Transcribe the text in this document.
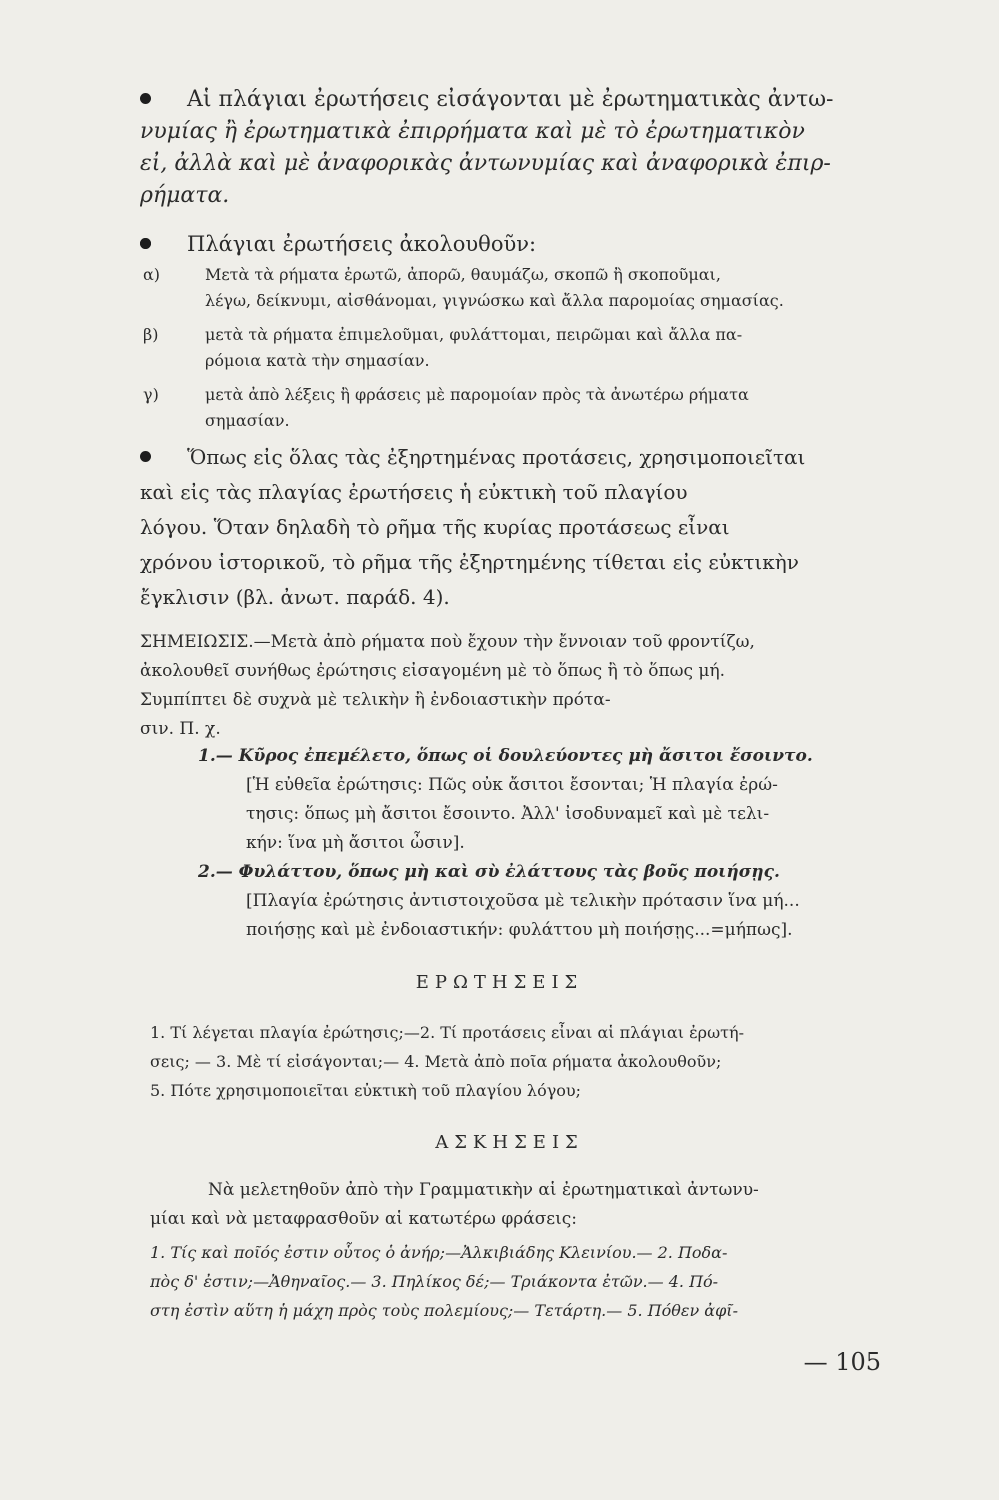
Αἱ πλάγιαι ἐρωτήσεις εἰσάγονται μὲ ἐρωτηματικὰς ἀντω-
νυμίας ἢ ἐρωτηματικὰ ἐπιρρήματα καὶ μὲ τὸ ἐρωτηματικὸν
εἰ, ἀλλὰ καὶ μὲ ἀναφορικὰς ἀντωνυμίας καὶ ἀναφορικὰ ἐπιρ-
ρήματα.
Πλάγιαι ἐρωτήσεις ἀκολουθοῦν:
α)	Μετὰ τὰ ρήματα ἐρωτῶ, ἀπορῶ, θαυμάζω, σκοπῶ ἢ σκοποῦμαι,
λέγω, δείκνυμι, αἰσθάνομαι, γιγνώσκω καὶ ἄλλα παρομοίας σημασίας.
β)	μετὰ τὰ ρήματα ἐπιμελοῦμαι, φυλάττομαι, πειρῶμαι καὶ ἄλλα πα-
ρόμοια κατὰ τὴν σημασίαν.
γ)	μετὰ ἀπὸ λέξεις ἢ φράσεις μὲ παρομοίαν πρὸς τὰ ἀνωτέρω ρήματα
σημασίαν.
Ὅπως εἰς ὅλας τὰς ἐξηρτημένας προτάσεις, χρησιμοποιεῖται
καὶ εἰς τὰς πλαγίας ἐρωτήσεις ἡ εὐκτικὴ τοῦ πλαγίου
λόγου. Ὅταν δηλαδὴ τὸ ρῆμα τῆς κυρίας προτάσεως εἶναι
χρόνου ἱστορικοῦ, τὸ ρῆμα τῆς ἐξηρτημένης τίθεται εἰς εὐκτικὴν
ἔγκλισιν (βλ. ἀνωτ. παράδ. 4).
ΣΗΜΕΙΩΣΙΣ.—Μετὰ ἀπὸ ρήματα ποὺ ἔχουν τὴν ἔννοιαν τοῦ φροντίζω,
ἀκολουθεῖ συνήθως ἐρώτησις εἰσαγομένη μὲ τὸ ὅπως ἢ τὸ ὅπως μή.
Συμπίπτει δὲ συχνὰ μὲ τελικὴν ἢ ἐνδοιαστικὴν πρότα-
σιν. Π. χ.
1.— Κῦρος ἐπεμέλετο, ὅπως οἱ δουλεύοντες μὴ ἄσιτοι ἔσοιντο.
[Ἡ εὐθεῖα ἐρώτησις: Πῶς οὐκ ἄσιτοι ἔσονται; Ἡ πλαγία ἐρώ-
τησις: ὅπως μὴ ἄσιτοι ἔσοιντο. Ἀλλ' ἰσοδυναμεῖ καὶ μὲ τελι-
κήν: ἵνα μὴ ἄσιτοι ὦσιν].
2.— Φυλάττου, ὅπως μὴ καὶ σὺ ἐλάττους τὰς βοῦς ποιήσῃς.
[Πλαγία ἐρώτησις ἀντιστοιχοῦσα μὲ τελικὴν πρότασιν ἵνα μή...
ποιήσῃς καὶ μὲ ἐνδοιαστικήν: φυλάττου μὴ ποιήσῃς...=μήπως].
ΕΡΩΤΗΣΕΙΣ
1. Τί λέγεται πλαγία ἐρώτησις;—2. Τί προτάσεις εἶναι αἱ πλάγιαι ἐρωτή-
σεις; — 3. Μὲ τί εἰσάγονται;— 4. Μετὰ ἀπὸ ποῖα ρήματα ἀκολουθοῦν;
5. Πότε χρησιμοποιεῖται εὐκτικὴ τοῦ πλαγίου λόγου;
ΑΣΚΗΣΕΙΣ
Νὰ μελετηθοῦν ἀπὸ τὴν Γραμματικὴν αἱ ἐρωτηματικαὶ ἀντωνυ-
μίαι καὶ νὰ μεταφρασθοῦν αἱ κατωτέρω φράσεις:
1. Τίς καὶ ποῖός ἐστιν οὗτος ὁ ἀνήρ;—Ἀλκιβιάδης Κλεινίου.— 2. Ποδα-
πὸς δ' ἐστιν;—Ἀθηναῖος.— 3. Πηλίκος δέ;— Τριάκοντα ἐτῶν.— 4. Πό-
στη ἐστὶν αὕτη ἡ μάχη πρὸς τοὺς πολεμίους;— Τετάρτη.— 5. Πόθεν ἀφῖ-
— 105
